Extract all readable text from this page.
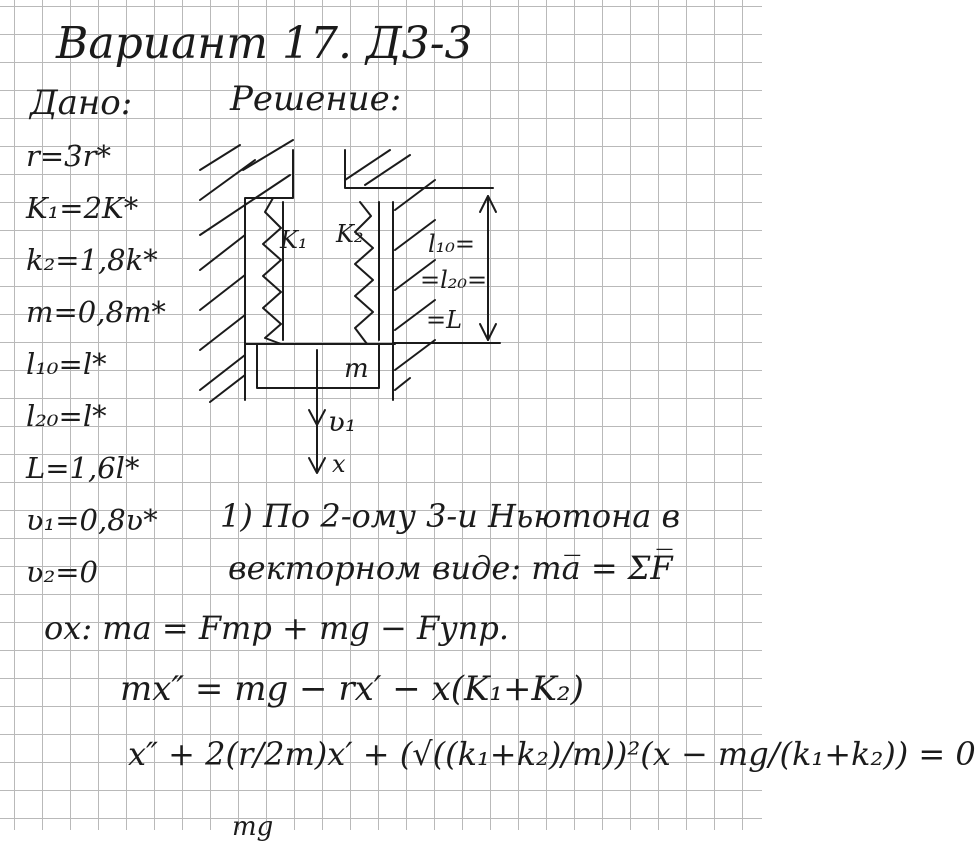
Вариант 17. Д3-3
Дано:	Решение:
r=3r*
K₁=2K*
k₂=1,8k*
m=0,8m*
l₁₀=l*
l₂₀=l*
L=1,6l*
ʋ₁=0,8ʋ*
ʋ₂=0
K₁ K₂
m
ʋ₁
x
l₁₀=
=l₂₀=
=L
1) По 2-ому 3-и Ньютона в
векторном виде: ma̅ = ΣF̅
ox: ma = Fтр + mg − Fупр.
mx″ = mg − rx′ − x(K₁+K₂)
x″ + 2(r/2m)x′ + (√((k₁+k₂)/m))²(x − mg/(k₁+k₂)) = 0
mg
